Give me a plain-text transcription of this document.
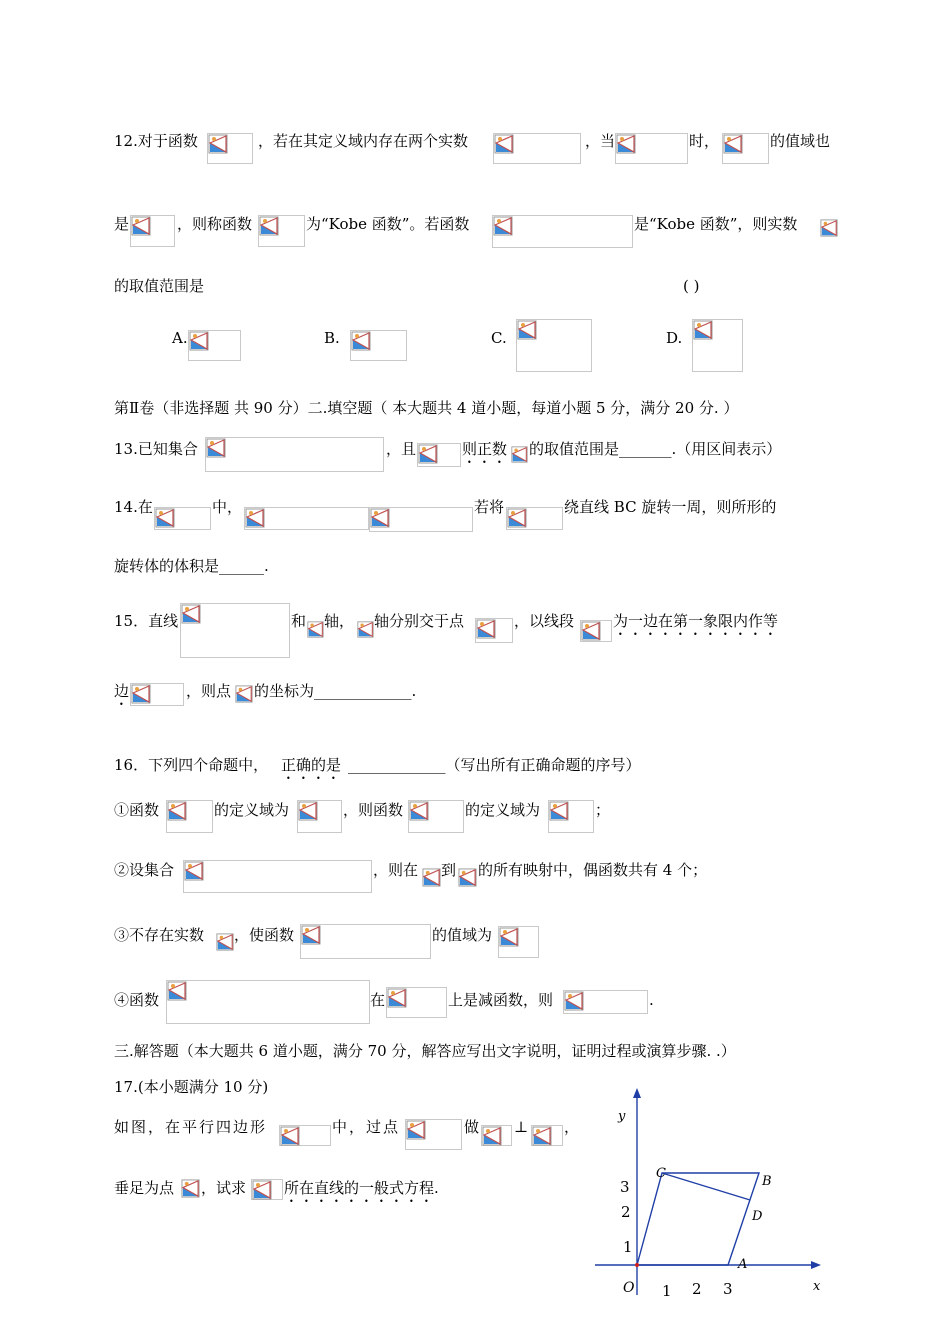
12.对于函数	，若在其定义域内存在两个实数	，当	时，	的值域也
是	，则称函数	为“Kobe 函数”。若函数	是“Kobe 函数”，则实数
的取值范围是	( )
A.	B.	C.	D.
第Ⅱ卷（非选择题 共 90 分）二.填空题（ 本大题共 4 道小题，每道小题 5 分，满分 20 分. ）
13.已知集合	，且	则正数 的取值范围是_______.（用区间表示）
14.在	中，	若将	绕直线 BC 旋转一周，则所形的
旋转体的体积是______.
15．直线	和 轴， 轴分别交于点	，以线段	为一边在第一象限内作等
边	，则点 的坐标为_____________.
16．下列四个命题中， 正确的是 _____________（写出所有正确命题的序号）
①函数	的定义域为	，则函数	的定义域为	；
②设集合	，则在 到 的所有映射中，偶函数共有 4 个；
③不存在实数 ，使函数	的值域为
④函数	在	上是减函数，则	.
三.解答题（本大题共 6 道小题，满分 70 分，解答应写出文字说明，证明过程或演算步骤. .）
17.(本小题满分 10 分)
如图，在平行四边形	中，过点	做 ⊥ ，
垂足为点 ，试求	所在直线的一般式方程.
y
x
O
1
2
3
1 2 3
A
B
C
D
